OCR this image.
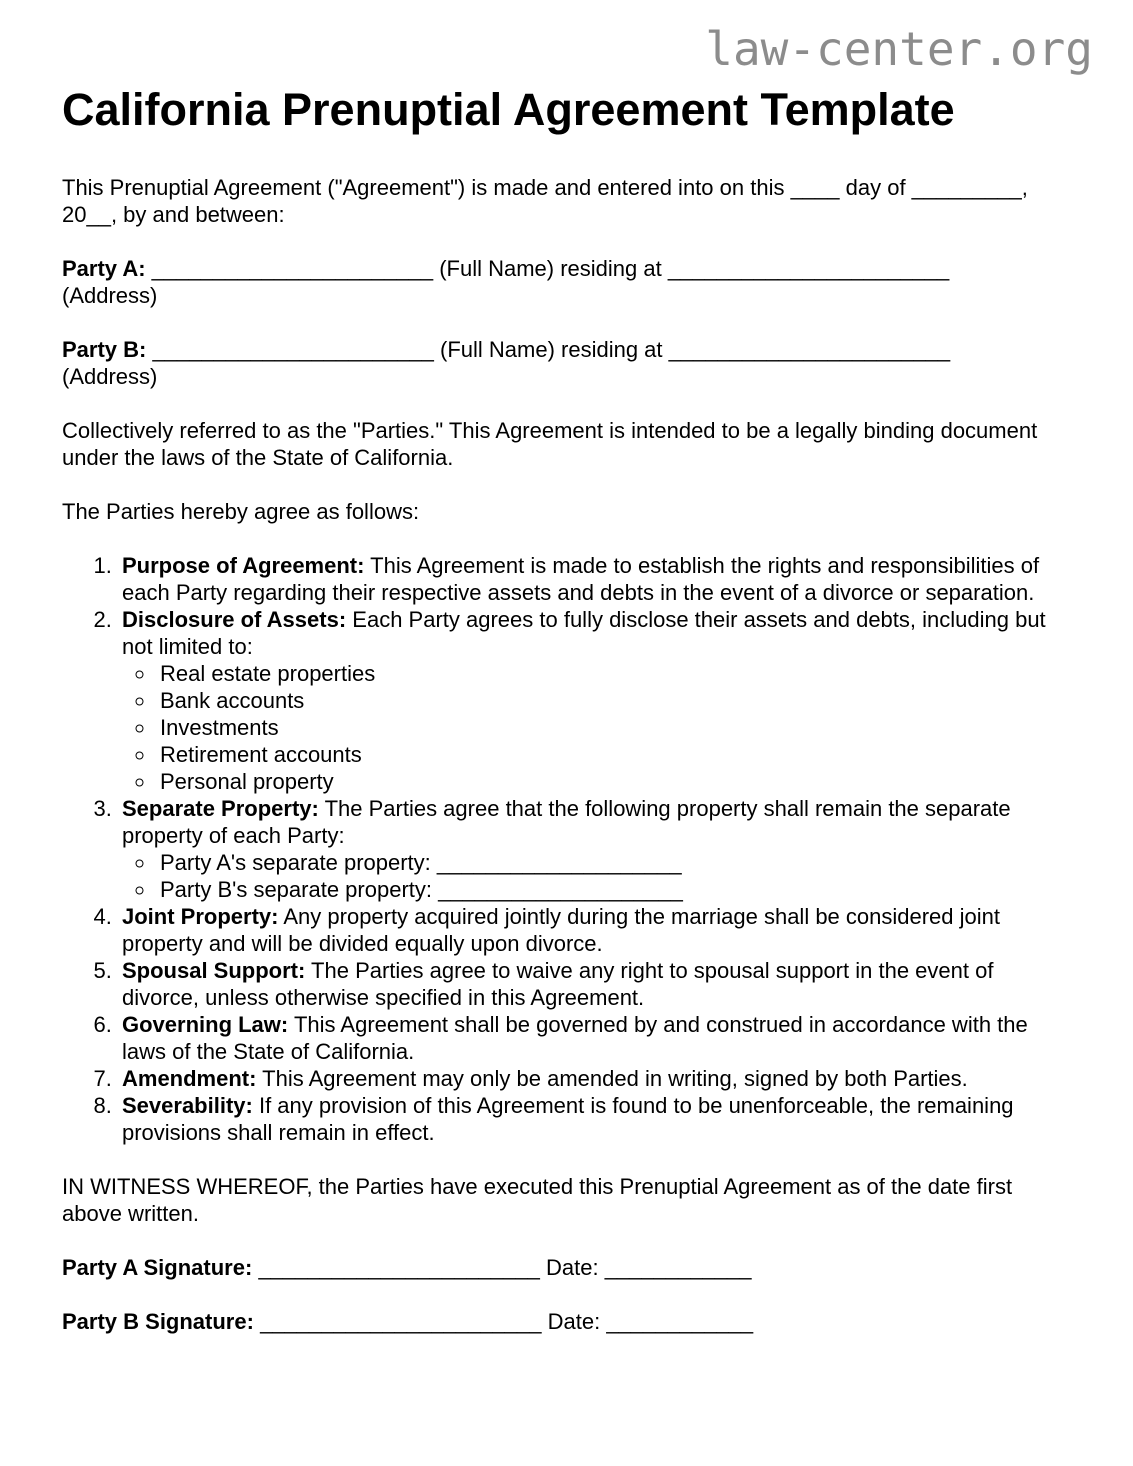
law-center.org
California Prenuptial Agreement Template

This Prenuptial Agreement ("Agreement") is made and entered into on this ____ day of _________, 20__, by and between:

Party A: _______________________ (Full Name) residing at _______________________
(Address)

Party B: _______________________ (Full Name) residing at _______________________
(Address)

Collectively referred to as the "Parties." This Agreement is intended to be a legally binding document under the laws of the State of California.

The Parties hereby agree as follows:

1. Purpose of Agreement: This Agreement is made to establish the rights and responsibilities of each Party regarding their respective assets and debts in the event of a divorce or separation.
2. Disclosure of Assets: Each Party agrees to fully disclose their assets and debts, including but not limited to:
◦ Real estate properties
◦ Bank accounts
◦ Investments
◦ Retirement accounts
◦ Personal property
3. Separate Property: The Parties agree that the following property shall remain the separate property of each Party:
◦ Party A's separate property: ____________________
◦ Party B's separate property: ____________________
4. Joint Property: Any property acquired jointly during the marriage shall be considered joint property and will be divided equally upon divorce.
5. Spousal Support: The Parties agree to waive any right to spousal support in the event of divorce, unless otherwise specified in this Agreement.
6. Governing Law: This Agreement shall be governed by and construed in accordance with the laws of the State of California.
7. Amendment: This Agreement may only be amended in writing, signed by both Parties.
8. Severability: If any provision of this Agreement is found to be unenforceable, the remaining provisions shall remain in effect.

IN WITNESS WHEREOF, the Parties have executed this Prenuptial Agreement as of the date first above written.

Party A Signature: _______________________ Date: ____________

Party B Signature: _______________________ Date: ____________
